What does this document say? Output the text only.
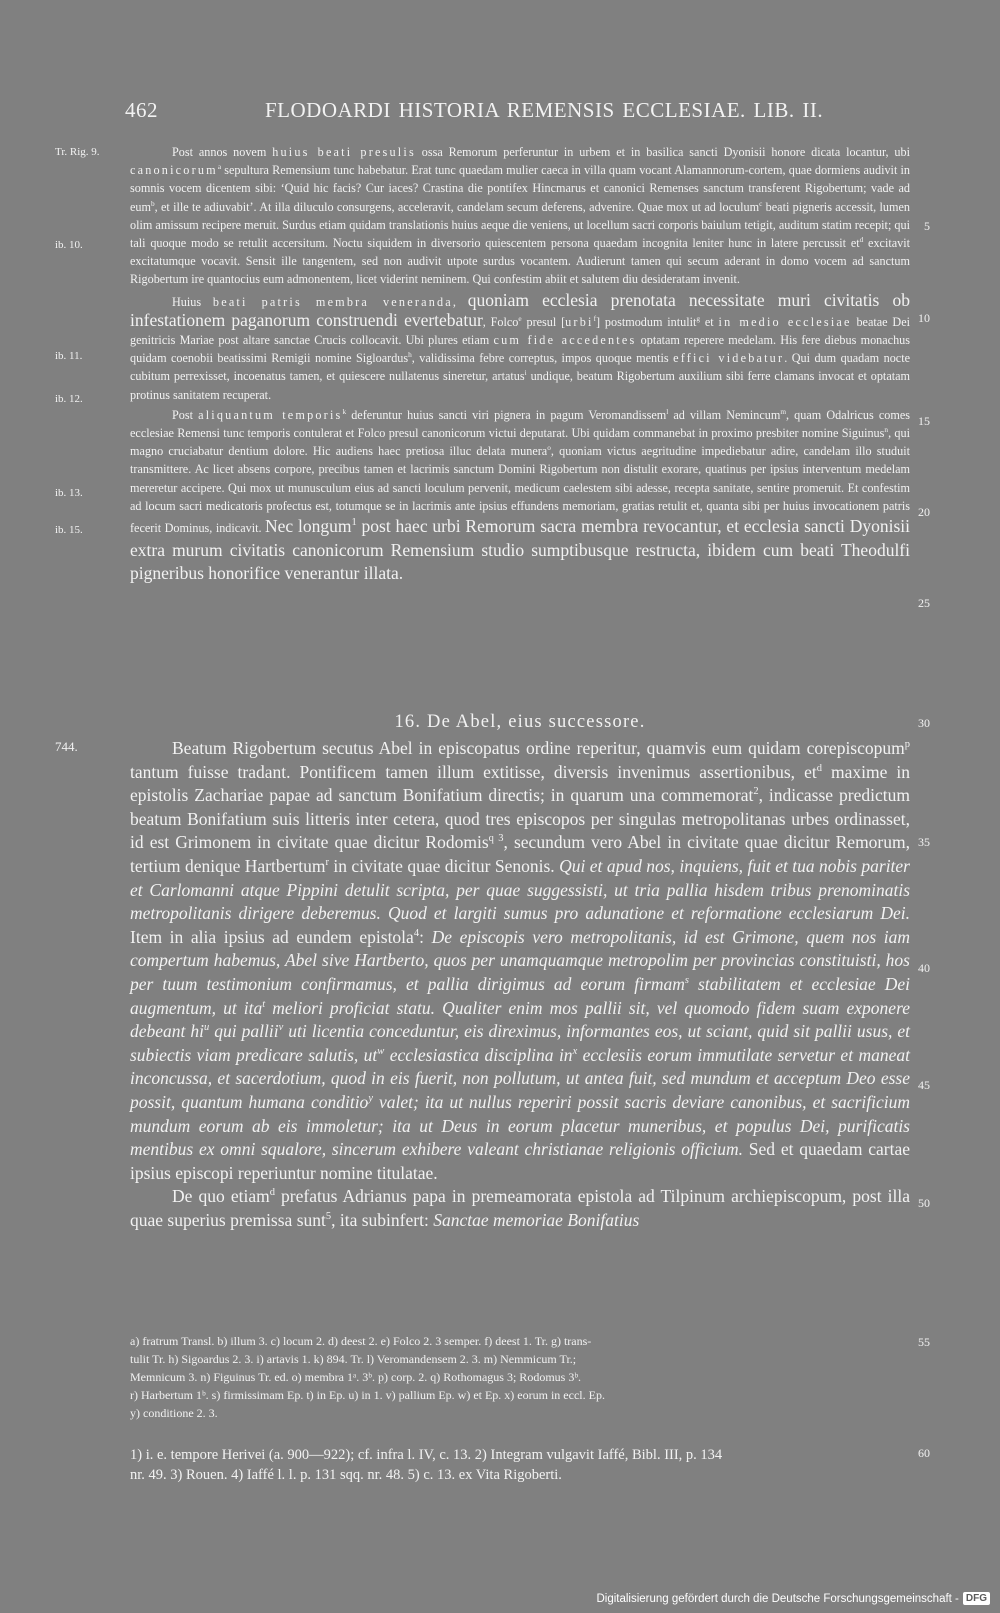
462	FLODOARDI HISTORIA REMENSIS ECCLESIAE. LIB. II.
Tr. Rig. 9.
ib. 10.
ib. 11.
ib. 12.
ib. 13.
ib. 15.
744.
5
10
15
20
25
30
35
40
45
50
55
60

Post annos novem huius beati presulis ossa Remorum perferuntur in urbem et in basilica sancti Dyonisii honore dicata locantur, ubi canonicorum$^a$ sepultura Remensium tunc habebatur. Erat tunc quaedam mulier caeca in villa quam vocant Alamannorum-cortem, quae dormiens audivit in somnis vocem dicentem sibi: ‘Quid hic facis? Cur iaces? Crastina die pontifex Hincmarus et canonici Remenses sanctum transferent Rigobertum; vade ad eum$^b$, et ille te adiuvabit’. At illa diluculo consurgens, acceleravit, candelam secum deferens, advenire. Quae mox ut ad loculum$^c$ beati pigneris accessit, lumen olim amissum recipere meruit. Surdus etiam quidam translationis huius aeque die veniens, ut locellum sacri corporis baiulum tetigit, auditum statim recepit; qui tali quoque modo se retulit accersitum. Noctu siquidem in diversorio quiescentem persona quaedam incognita leniter hunc in latere percussit $et^d$ excitavit excitatumque vocavit. Sensit ille tangentem, sed non audivit utpote surdus vocantem. Audierunt tamen qui secum aderant in domo vocem ad sanctum Rigobertum ire quantocius eum admonentem, licet viderint neminem. Qui confestim abiit et salutem diu desideratam invenit.

Huius beati patris membra veneranda, quoniam ecclesia prenotata necessitate muri civitatis ob infestationem paganorum construendi evertebatur, Folco$^e$ presul [urbi$^f$] postmodum intulit$^g$ et in medio ecclesiae beatae Dei genitricis Mariae post altare sanctae Crucis collocavit. Ubi plures etiam cum fide accedentes optatam reperere medelam. His fere diebus monachus quidam coenobii beatissimi Remigii nomine Sigloardus$^h$, validissima febre correptus, impos quoque mentis effici videbatur. Qui dum quadam nocte cubitum perrexisset, incoenatus tamen, et quiescere nullatenus sineretur, artatus$^i$ undique, beatum Rigobertum auxilium sibi ferre clamans invocat et optatam protinus sanitatem recuperat.

Post aliquantum temporis$^k$ deferuntur huius sancti viri pignera in pagum Veromandissem$^l$ ad villam Nemincum$^m$, quam Odalricus comes ecclesiae Remensi tunc temporis contulerat et Folco presul canonicorum victui deputarat. Ubi quidam commanebat in proximo presbiter nomine Siguinus$^n$, qui magno cruciabatur dentium dolore. Hic audiens haec pretiosa illuc delata munera$^o$, quoniam victus aegritudine impediebatur adire, candelam illo studuit transmittere. Ac licet absens corpore, precibus tamen et lacrimis sanctum Domini Rigobertum non distulit exorare, quatinus per ipsius interventum medelam mereretur accipere. Qui mox ut munusculum eius ad sancti loculum pervenit, medicum caelestem sibi adesse, recepta sanitate, sentire promeruit. Et confestim ad locum sacri medicatoris profectus est, totumque se in lacrimis ante ipsius effundens memoriam, gratias retulit et, quanta sibi per huius invocationem patris fecerit Dominus, indicavit. Nec longum$^1$ post haec urbi Remorum sacra membra revocantur, et ecclesia sancti Dyonisii extra murum civitatis canonicorum Remensium studio sumptibusque restructa, ibidem cum beati Theodulfi pigneribus honorifice venerantur illata.

16. De Abel, eius successore.

Beatum Rigobertum secutus Abel in episcopatus ordine reperitur, quamvis eum quidam corepiscopum$^p$ tantum fuisse tradant. Pontificem tamen illum extitisse, diversis invenimus assertionibus, $et^d$ maxime in epistolis Zachariae papae ad sanctum Bonifatium directis; in quarum una commemorat$^2$, indicasse predictum beatum Bonifatium suis litteris inter cetera, quod tres episcopos per singulas metropolitanas urbes ordinasset, id est Grimonem in civitate quae dicitur Rodomis$^{q 3}$, secundum vero Abel in civitate quae dicitur Remorum, tertium denique Hartbertum$^r$ in civitate quae dicitur Senonis. Qui et apud nos, inquiens, fuit et tua nobis pariter et Carlomanni atque Pippini detulit scripta, per quae suggessisti, ut tria pallia hisdem tribus prenominatis metropolitanis dirigere deberemus. Quod et largiti sumus pro adunatione et reformatione ecclesiarum Dei. Item in alia ipsius ad eundem epistola$^4$: De episcopis vero metropolitanis, id est Grimone, quem nos iam compertum habemus, Abel sive Hartberto, quos per unamquamque metropolim per provincias constituisti, hos per tuum testimonium confirmamus, et pallia dirigimus ad eorum firmam$^s$ stabilitatem et ecclesiae Dei augmentum, ut ita$^t$ meliori proficiat statu. Qualiter enim mos pallii sit, vel quomodo fidem suam exponere debeant $hi^u$ qui pallii$^v$ uti licentia conceduntur, eis direximus, informantes eos, ut sciant, quid sit pallii usus, et subiectis viam predicare salutis, $ut^w$ ecclesiastica disciplina $in^x$ ecclesiis eorum immutilate servetur et maneat inconcussa, et sacerdotium, quod in eis fuerit, non pollutum, ut antea fuit, sed mundum et acceptum Deo esse possit, quantum humana conditio$^y$ valet; ita ut nullus reperiri possit sacris deviare canonibus, et sacrificium mundum eorum ab eis immoletur; ita ut Deus in eorum placetur muneribus, et populus Dei, purificatis mentibus ex omni squalore, sincerum exhibere valeant christianae religionis officium. Sed et quaedam cartae ipsius episcopi reperiuntur nomine titulatae.

De quo etiam$^d$ prefatus Adrianus papa in premeamorata epistola ad Tilpinum archiepiscopum, post illa quae superius premissa sunt$^5$, ita subinfert: Sanctae memoriae Bonifatius

a) fratrum Transl. b) illum 3. c) locum 2. d) deest 2. e) Folco 2. 3 semper. f) deest 1. Tr. g) trans-
tulit Tr. h) Sigoardus 2. 3. i) artavis 1. k) 894. Tr. l) Veromandensem 2. 3. m) Nemmicum Tr.;
Memnicum 3. n) Figuinus Tr. ed. o) membra 1ᵃ. 3ᵇ. p) corp. 2. q) Rothomagus 3; Rodomus 3ᵇ.
r) Harbertum 1ᵇ. s) firmissimam Ep. t) in Ep. u) in 1. v) pallium Ep. w) et Ep. x) eorum in eccl. Ep.
y) conditione 2. 3.
1) i. e. tempore Herivei (a. 900—922); cf. infra l. IV, c. 13. 2) Integram vulgavit Iaffé, Bibl. III, p. 134
nr. 49. 3) Rouen. 4) Iaffé l. l. p. 131 sqq. nr. 48. 5) c. 13. ex Vita Rigoberti.
Digitalisierung gefördert durch die Deutsche Forschungsgemeinschaft - DFG
